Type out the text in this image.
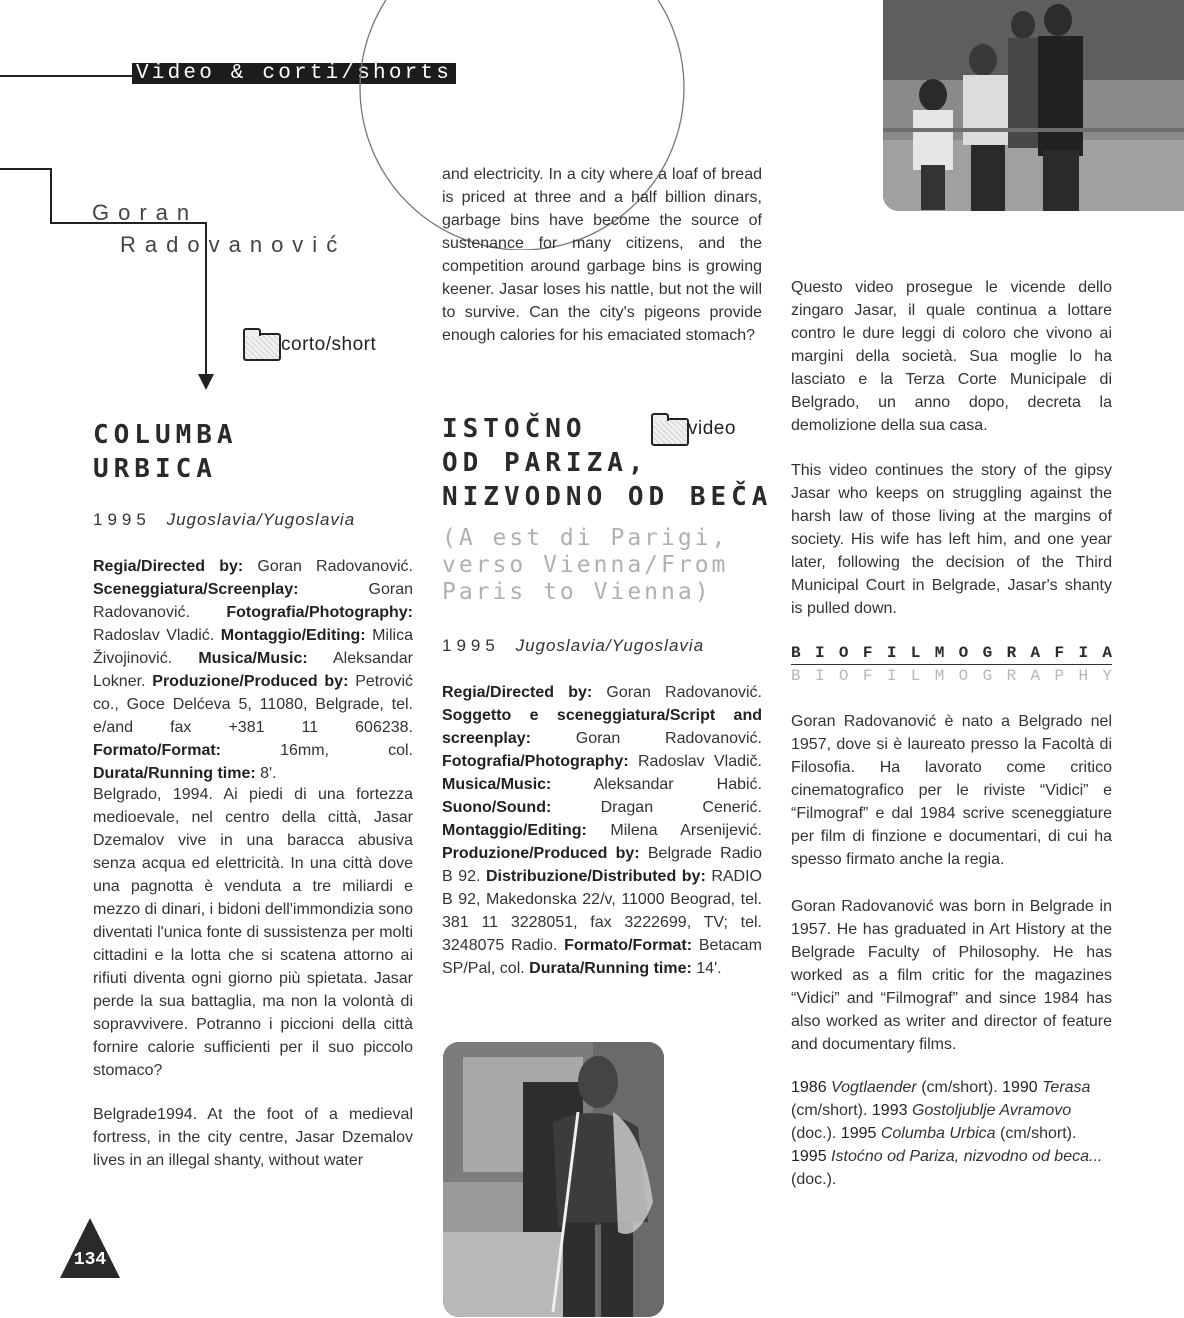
Video & corti/shorts
Goran
Radovanović
corto/short
COLUMBA
URBICA
1995 Jugoslavia/Yugoslavia

Regia/Directed by: Goran Radovanović. Sceneggiatura/Screenplay: Goran Radovanović. Fotografia/Photography: Radoslav Vladić. Montaggio/Editing: Milica Živojinović. Musica/Music: Aleksandar Lokner. Produzione/Produced by: Petrović co., Goce Delćeva 5, 11080, Belgrade, tel. e/and fax +381 11 606238. Formato/Format: 16mm, col. Durata/Running time: 8'.

Belgrado, 1994. Ai piedi di una fortezza medioevale, nel centro della città, Jasar Dzemalov vive in una baracca abusiva senza acqua ed elettricità. In una città dove una pagnotta è venduta a tre miliardi e mezzo di dinari, i bidoni dell'immondizia sono diventati l'unica fonte di sussistenza per molti cittadini e la lotta che si scatena attorno ai rifiuti diventa ogni giorno più spietata. Jasar perde la sua battaglia, ma non la volontà di sopravvivere. Potranno i piccioni della città fornire calorie sufficienti per il suo piccolo stomaco?

Belgrade1994. At the foot of a medieval fortress, in the city centre, Jasar Dzemalov lives in an illegal shanty, without water

and electricity. In a city where a loaf of bread is priced at three and a half billion dinars, garbage bins have become the source of sustenance for many citizens, and the competition around garbage bins is growing keener. Jasar loses his nattle, but not the will to survive. Can the city's pigeons provide enough calories for his emaciated stomach?

ISTOČNO
OD PARIZA,
NIZVODNO OD BEČA
video
(A est di Parigi,
verso Vienna/From
Paris to Vienna)
1995 Jugoslavia/Yugoslavia

Regia/Directed by: Goran Radovanović. Soggetto e sceneggiatura/Script and screenplay: Goran Radovanović. Fotografia/Photography: Radoslav Vladič. Musica/Music: Aleksandar Habić. Suono/Sound: Dragan Cenerić. Montaggio/Editing: Milena Arsenijević. Produzione/Produced by: Belgrade Radio B 92. Distribuzione/Distributed by: RADIO B 92, Makedonska 22/v, 11000 Beograd, tel. 381 11 3228051, fax 3222699, TV; tel. 3248075 Radio. Formato/Format: Betacam SP/Pal, col. Durata/Running time: 14'.

Questo video prosegue le vicende dello zingaro Jasar, il quale continua a lottare contro le dure leggi di coloro che vivono ai margini della società. Sua moglie lo ha lasciato e la Terza Corte Municipale di Belgrado, un anno dopo, decreta la demolizione della sua casa.

This video continues the story of the gipsy Jasar who keeps on struggling against the harsh law of those living at the margins of society. His wife has left him, and one year later, following the decision of the Third Municipal Court in Belgrade, Jasar's shanty is pulled down.

B I O F I L M O G R A F I A
B I O F I L M O G R A P H Y

Goran Radovanović è nato a Belgrado nel 1957, dove si è laureato presso la Facoltà di Filosofia. Ha lavorato come critico cinematografico per le riviste “Vidici” e “Filmograf” e dal 1984 scrive sceneggiature per film di finzione e documentari, di cui ha spesso firmato anche la regia.

Goran Radovanović was born in Belgrade in 1957. He has graduated in Art History at the Belgrade Faculty of Philosophy. He has worked as a film critic for the magazines “Vidici” and “Filmograf” and since 1984 has also worked as writer and director of feature and documentary films.

1986 Vogtlaender (cm/short). 1990 Terasa (cm/short). 1993 Gostoljublje Avramovo (doc.). 1995 Columba Urbica (cm/short). 1995 Istoćno od Pariza, nizvodno od beca... (doc.).

134
